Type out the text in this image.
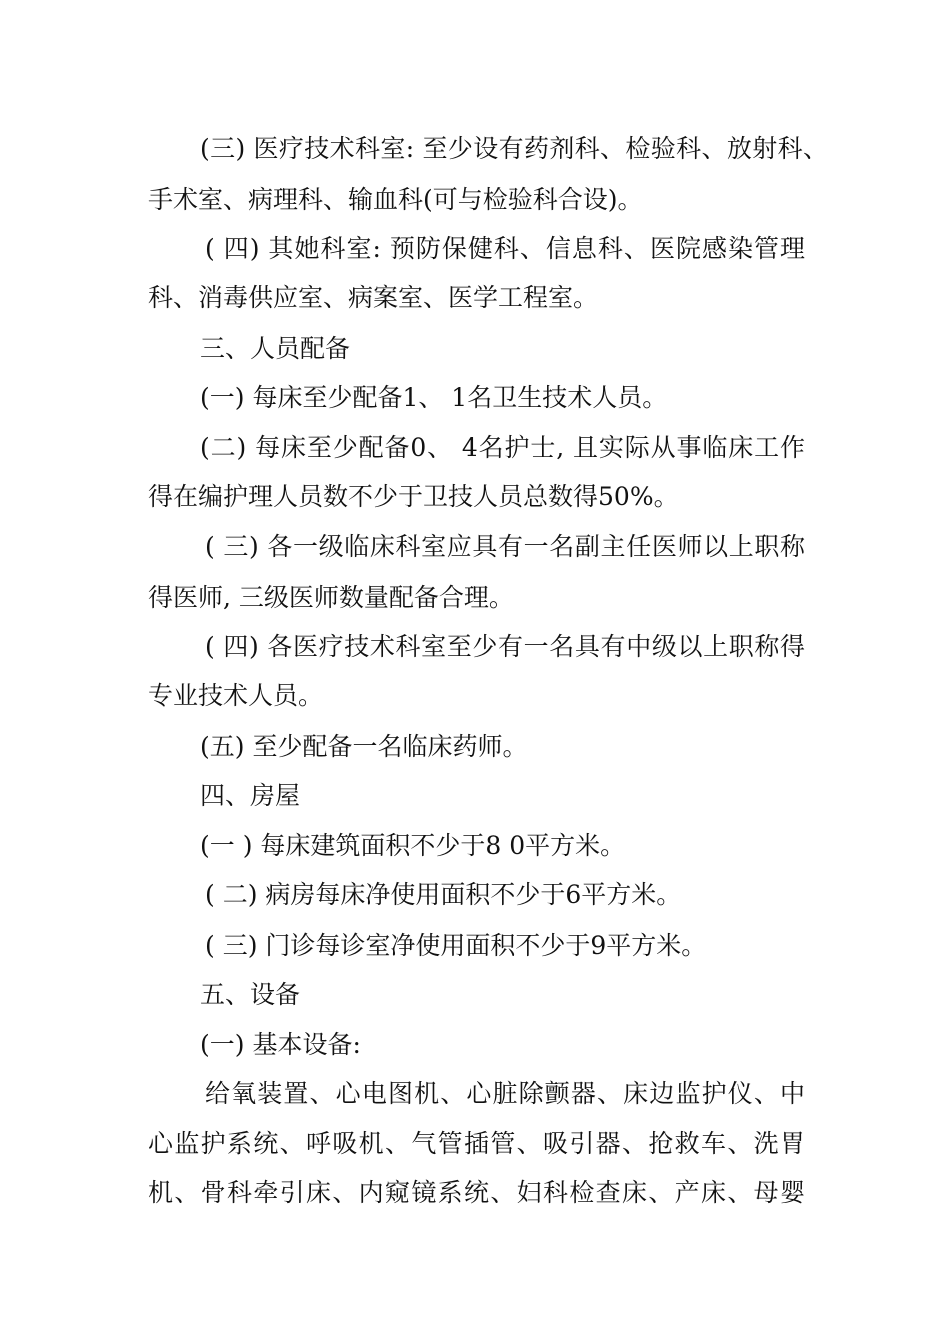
(三) 医疗技术科室: 至少设有药剂科、检验科、放射科、
手术室、病理科、输血科(可与检验科合设)。
( 四) 其她科室: 预防保健科、信息科、医院感染管理
科、消毒供应室、病案室、医学工程室。
三、人员配备
(一) 每床至少配备1、 1名卫生技术人员。
(二) 每床至少配备0、 4名护士, 且实际从事临床工作
得在编护理人员数不少于卫技人员总数得50%。
( 三) 各一级临床科室应具有一名副主任医师以上职称
得医师, 三级医师数量配备合理。
( 四) 各医疗技术科室至少有一名具有中级以上职称得
专业技术人员。
(五) 至少配备一名临床药师。
四、房屋
(一 ) 每床建筑面积不少于8 0平方米。
( 二) 病房每床净使用面积不少于6平方米。
( 三) 门诊每诊室净使用面积不少于9平方米。
五、设备
(一) 基本设备:
给氧装置、心电图机、心脏除颤器、床边监护仪、中
心监护系统、呼吸机、气管插管、吸引器、抢救车、洗胃
机、骨科牵引床、内窥镜系统、妇科检查床、产床、母婴
